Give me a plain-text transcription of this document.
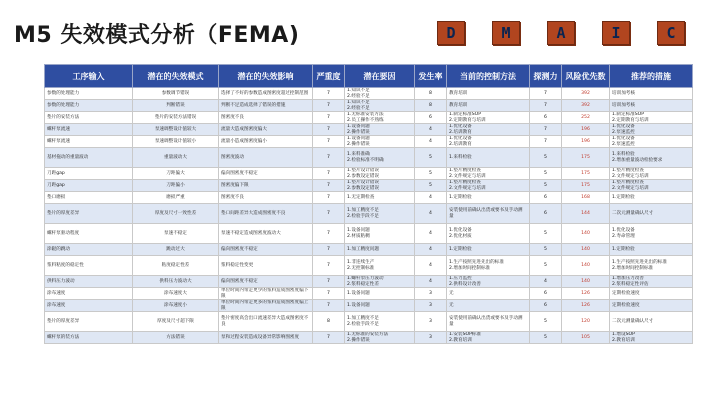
M5 失效模式分析（FEMA)	D	M	A	I	C
工序输入	潜在的失效模式	潜在的失效影响	严重度	潜在要因	发生率	当前的控制方法	探测力	风险优先数	推荐的措施
参数的处理能力	参数调节错误	选择了不好的参数造成图密度超过控制范围	7	1.知识不足
2.经验不足	8	教育培训	7	392	培训加考核
参数的处理能力	判断错误	判断不足造成选择了错误的措施	7	1.知识不足
2.经验不足	8	教育培训	7	392	培训加考核
垫片的安装方法	垫片的安装方法错误	图密度不良	7	1.无标准安装方法
2.员工操作不熟练	6	1.制定标准SOP
2.定期教育与培训	6	252	1.制定标准SOP
2.定期教育与培训
螺杆泵流速	泵速调整设计值较大	流量大造成图密度偏大	7	1.设备问题
2.操作错误	4	1.优化设备
2.培训教育	7	196	1.优化设备
2.泵速监控
螺杆泵流速	泵速调整设计值较小	流量小造成图密度偏小	7	1.设备问题
2.操作错误	4	1.优化设备
2.培训教育	7	196	1.优化设备
2.泵速监控
基材拖动的重量波动	重量波动大	图密度波动	7	1.来料准确
2.检验标准不明确	5	1.来料检验	5	175	1.来料检验
2.增加重量波动检验要求
刀距gap	刀距偏大	偏向图密度不稳定	7	1.垫片设计错误
2.参数设定错误	5	1.垫片精度检查
2.文件规定与培训	5	175	1.垫片精度检查
2.文件规定与培训
刀距gap	刀距偏小	图密度偏下限	7	1.垫片设计错误
2.参数设定错误	5	1.垫片精度检查
2.文件规定与培训	5	175	1.垫片精度检查
2.文件规定与培训
垫口磨损	磨损严重	图密度不良	7	1.无定期检查	4	1.定期检验	6	168	1.定期检验
垫片的厚度差异	厚度及尺寸一致性差	垫口间距差异大造成图密度不良	7	1.加工精度不足
2.检验手段不足	4	安装使用前确认出货或要书及手动测量	6	144	二次元测量确认尺寸
螺杆泵驱动程度	泵速不稳定	泵速不稳定造成图密度波动大	7	1.设备问题
2.材质粘稠	4	1.优化设备
2.优化材质	5	140	1.优化设备
2.寿命管理
涂辊的跳动	跳动过大	偏向图密度不稳定	7	1.加工精度问题	4	1.定期检验	5	140	1.定期检验
浆料粘度的稳定性	粘度稳定性差	浆料稳定性变更	7	1.非连续生产
2.无控制标准	4	1.生产按照先进先出的标准
2.增加时间控制标准	5	140	1.生产按照先进先出的标准
2.增加时间控制标准
供料压力波动	供料压力波动大	偏向图密度不稳定	7	1.螺杆泵压力波动
2.浆料稳定性差	4	1.压力监控
2.供料设计改善	4	140	1.增加压力改善
2.浆料稳定性评估
涂布速度	涂布速度大	单位时间内带走更少的浆料造成图密度偏下限	7	1.设备问题	3	无	6	126	定期检验速度
涂布速度	涂布速度小	单位时间内带走更多的浆料造成图密度偏上限	7	1.设备问题	3	无	6	126	定期检验速度
垫片的厚度差异	厚度及尺寸超下限	垫片密度高会出口流速差异大造成图密度不良	8	1.加工精度不足
2.检验手段不足	3	安装使用前确认出货或要书及手动测量	5	120	二次元测量确认尺寸
螺杆泵的装方法	方法错误	泵和过程安装造成设备异常影响图密度	7	1.无标准的安装方法
2.操作错误	3	1.安装SOP标准
2.教育培训	5	105	1.增设SOP
2.教育培训
